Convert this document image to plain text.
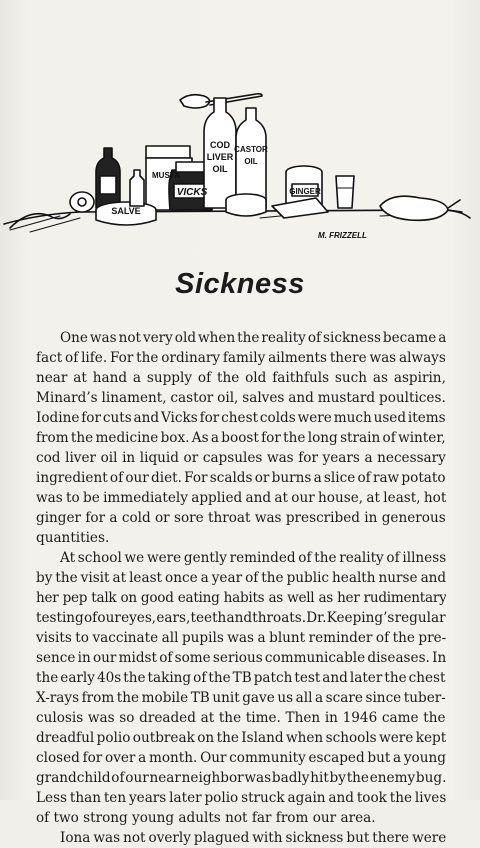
COD
LIVER
OIL
CASTOR
OIL
MUSTA
VICKS	GINGER
SALVE
M. FRIZZELL
Sickness
One was not very old when the reality of sickness became a
fact of life. For the ordinary family ailments there was always
near at hand a supply of the old faithfuls such as aspirin,
Minard’s linament, castor oil, salves and mustard poultices.
Iodine for cuts and Vicks for chest colds were much used items
from the medicine box. As a boost for the long strain of winter,
cod liver oil in liquid or capsules was for years a necessary
ingredient of our diet. For scalds or burns a slice of raw potato
was to be immediately applied and at our house, at least, hot
ginger for a cold or sore throat was prescribed in generous
quantities.
At school we were gently reminded of the reality of illness
by the visit at least once a year of the public health nurse and
her pep talk on good eating habits as well as her rudimentary
testing of our eyes, ears, teeth and throats. Dr. Keeping’s regular
visits to vaccinate all pupils was a blunt reminder of the pre-
sence in our midst of some serious communicable diseases. In
the early 40s the taking of the TB patch test and later the chest
X-rays from the mobile TB unit gave us all a scare since tuber-
culosis was so dreaded at the time. Then in 1946 came the
dreadful polio outbreak on the Island when schools were kept
closed for over a month. Our community escaped but a young
grandchild of our near neighbor was badly hit by the enemy bug.
Less than ten years later polio struck again and took the lives
of two strong young adults not far from our area.
Iona was not overly plagued with sickness but there were
